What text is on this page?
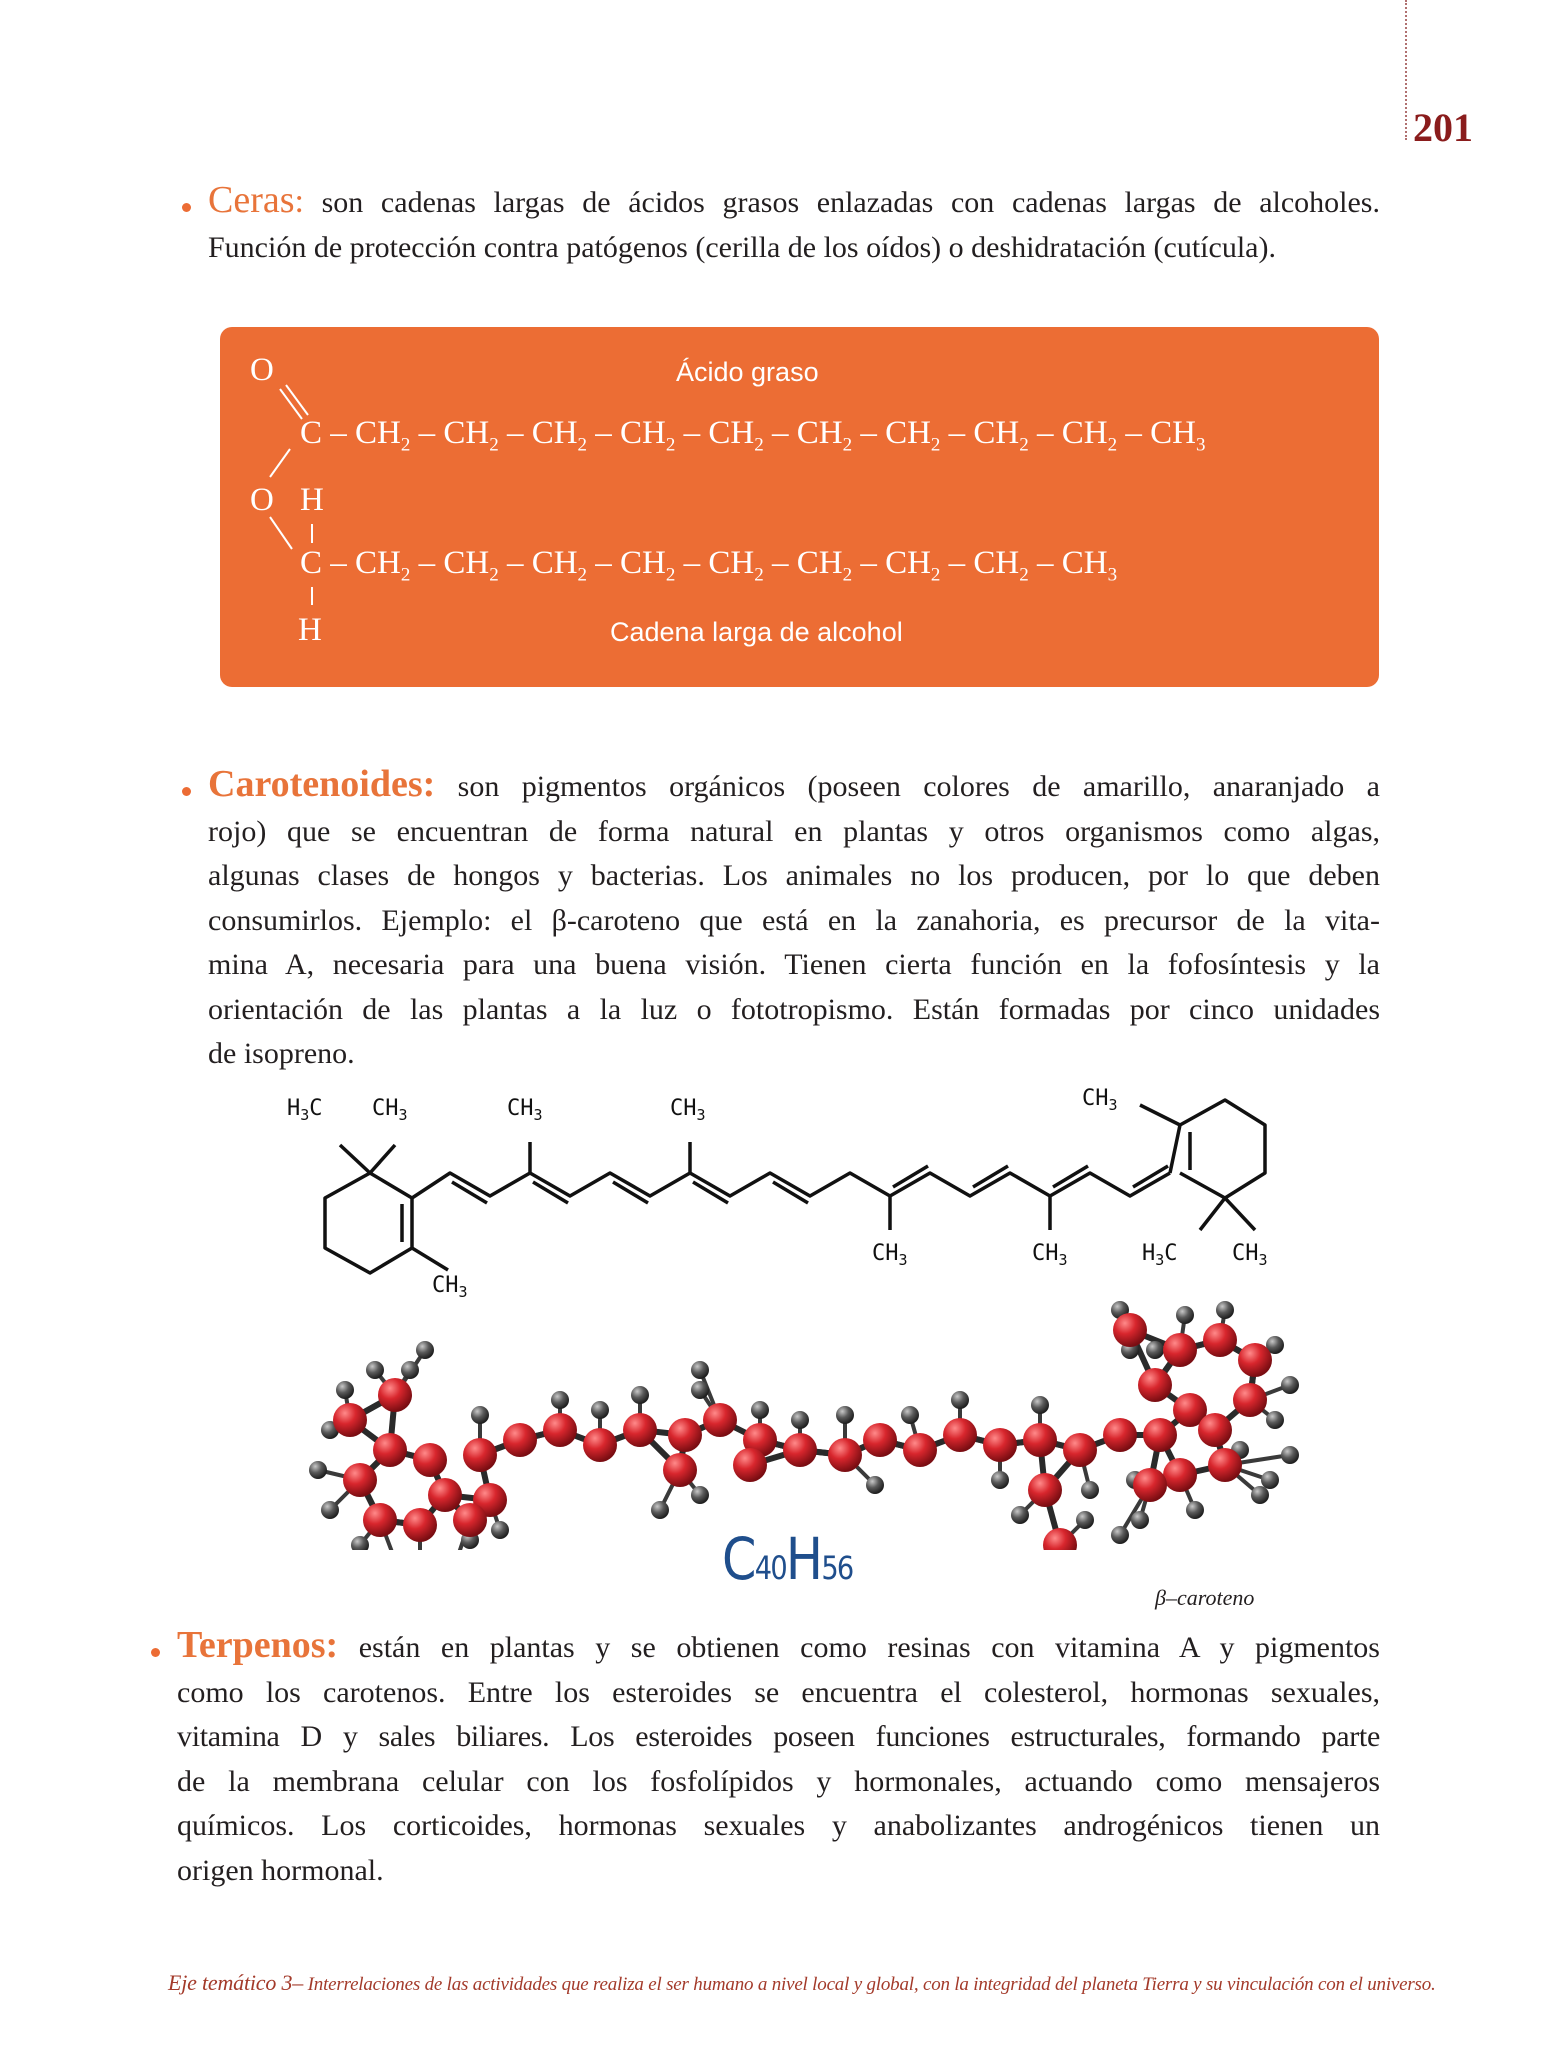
201
Ceras: son cadenas largas de ácidos grasos enlazadas con cadenas largas de alcoholes.
Función de protección contra patógenos (cerilla de los oídos) o deshidratación (cutícula).
Ácido graso
O
C – $CH_2 - CH_2 - CH_2 - CH_2 - CH_2 - CH_2 - CH_2 - CH_2 - CH_2 - CH_3$
O H
C – $CH_2 - CH_2 - CH_2 - CH_2 - CH_2 - CH_2 - CH_2 - CH_2 - CH_3$
H	Cadena larga de alcohol
Carotenoides: son pigmentos orgánicos (poseen colores de amarillo, anaranjado a
rojo) que se encuentran de forma natural en plantas y otros organismos como algas,
algunas clases de hongos y bacterias. Los animales no los producen, por lo que deben
consumirlos. Ejemplo: el β-caroteno que está en la zanahoria, es precursor de la vita-
mina A, necesaria para una buena visión. Tienen cierta función en la fofosíntesis y la
orientación de las plantas a la luz o fototropismo. Están formadas por cinco unidades
de isopreno.
$H_3C$ $CH_3$	$CH_3$	$CH_3$
$CH_3$
$CH_3$	$CH_3$
$CH_3$
$H_3C$ $CH_3$
C40H56
β–caroteno
Terpenos: están en plantas y se obtienen como resinas con vitamina A y pigmentos
como los carotenos. Entre los esteroides se encuentra el colesterol, hormonas sexuales,
vitamina D y sales biliares. Los esteroides poseen funciones estructurales, formando parte
de la membrana celular con los fosfolípidos y hormonales, actuando como mensajeros
químicos. Los corticoides, hormonas sexuales y anabolizantes androgénicos tienen un
origen hormonal.
Eje temático 3– Interrelaciones de las actividades que realiza el ser humano a nivel local y global, con la integridad del planeta Tierra y su vinculación con el universo.
